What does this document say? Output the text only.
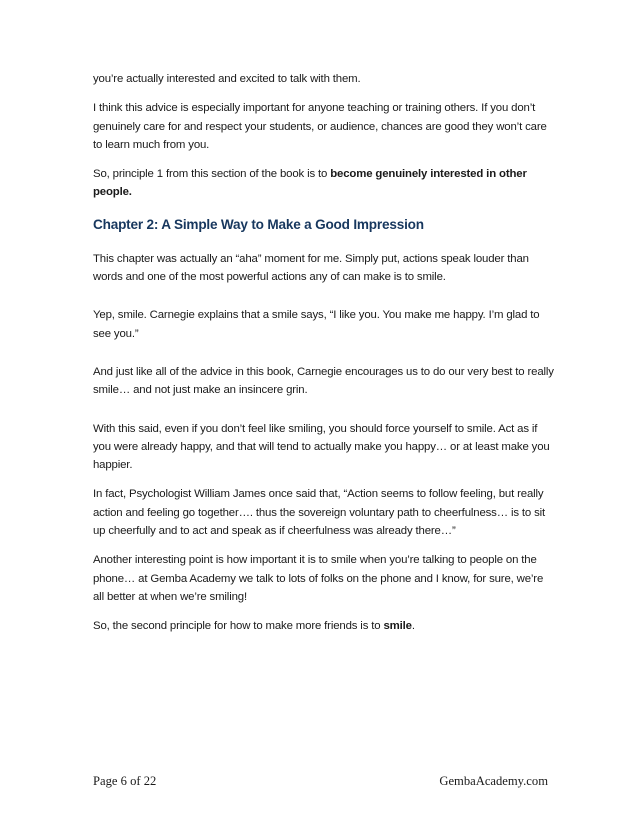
you’re actually interested and excited to talk with them.

I think this advice is especially important for anyone teaching or training others. If you don’t genuinely care for and respect your students, or audience, chances are good they won’t care to learn much from you.

So, principle 1 from this section of the book is to become genuinely interested in other people.

Chapter 2: A Simple Way to Make a Good Impression

This chapter was actually an “aha” moment for me. Simply put, actions speak louder than words and one of the most powerful actions any of can make is to smile.

Yep, smile. Carnegie explains that a smile says, “I like you. You make me happy. I’m glad to see you.”

And just like all of the advice in this book, Carnegie encourages us to do our very best to really smile… and not just make an insincere grin.

With this said, even if you don’t feel like smiling, you should force yourself to smile. Act as if you were already happy, and that will tend to actually make you happy… or at least make you happier.

In fact, Psychologist William James once said that, “Action seems to follow feeling, but really action and feeling go together…. thus the sovereign voluntary path to cheerfulness… is to sit up cheerfully and to act and speak as if cheerfulness was already there…”

Another interesting point is how important it is to smile when you’re talking to people on the phone… at Gemba Academy we talk to lots of folks on the phone and I know, for sure, we’re all better at when we’re smiling!

So, the second principle for how to make more friends is to smile.

Page 6 of 22	GembaAcademy.com
